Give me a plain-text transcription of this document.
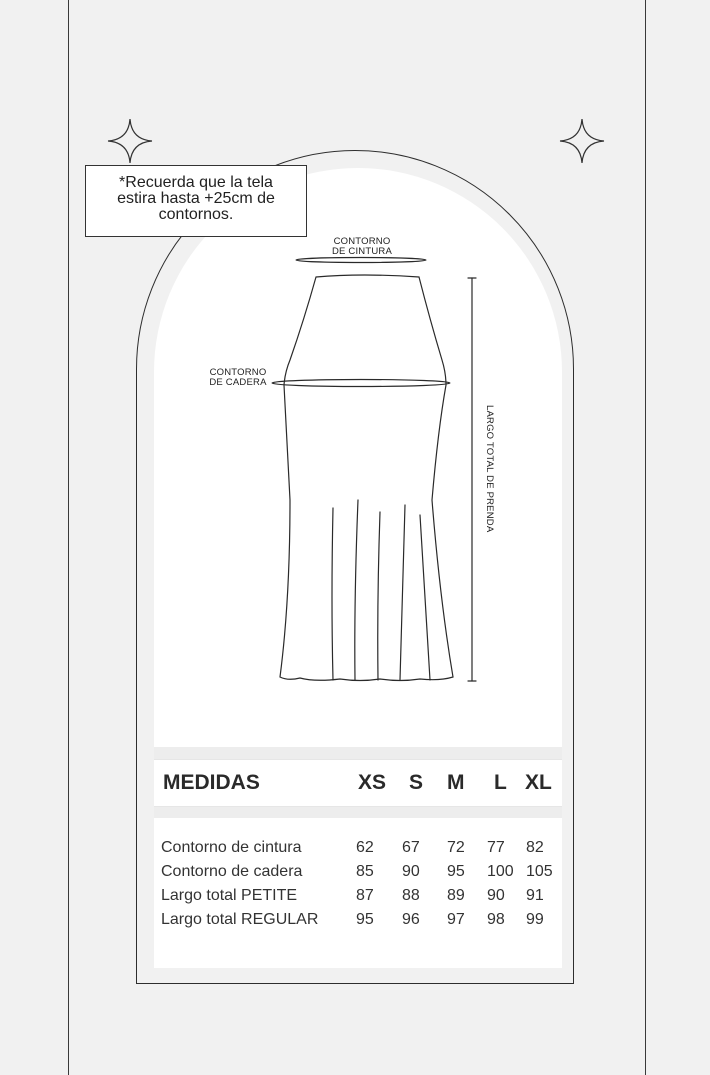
*Recuerda que la tela
estira hasta +25cm de
contornos.
CONTORNO
DE CINTURA
CONTORNO
DE CADERA
LARGO TOTAL DE PRENDA
MEDIDAS	XS S M L XL
Contorno de cintura	62 67 72 77 82
Contorno de cadera	85 90 95 100 105
Largo total PETITE	87 88 89 90 91
Largo total REGULAR 95 96 97 98 99
